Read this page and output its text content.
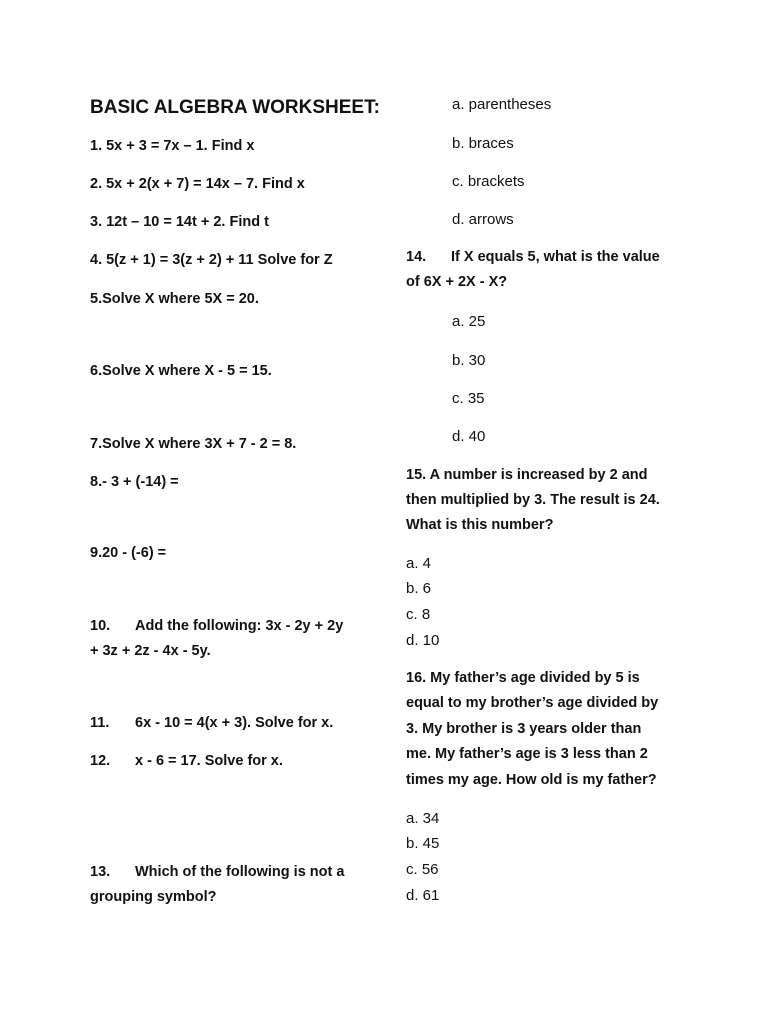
BASIC ALGEBRA WORKSHEET:
1. 5x + 3 = 7x – 1. Find x
2. 5x + 2(x + 7) = 14x – 7. Find x
3. 12t – 10 = 14t + 2. Find t
4. 5(z + 1) = 3(z + 2) + 11 Solve for Z
5.Solve X where 5X = 20.
6.Solve X where X - 5 = 15.
7.Solve X where 3X + 7 - 2 = 8.
8.- 3 + (-14) =
9.20 - (-6) =
10. Add the following: 3x - 2y + 2y
+ 3z + 2z - 4x - 5y.
11. 6x - 10 = 4(x + 3). Solve for x.
12. x - 6 = 17. Solve for x.
13. Which of the following is not a
grouping symbol?
a. parentheses
b. braces
c. brackets
d. arrows
14. If X equals 5, what is the value
of 6X + 2X - X?
a. 25
b. 30
c. 35
d. 40
15. A number is increased by 2 and
then multiplied by 3. The result is 24.
What is this number?
a. 4
b. 6
c. 8
d. 10
16. My father’s age divided by 5 is
equal to my brother’s age divided by
3. My brother is 3 years older than
me. My father’s age is 3 less than 2
times my age. How old is my father?
a. 34
b. 45
c. 56
d. 61
